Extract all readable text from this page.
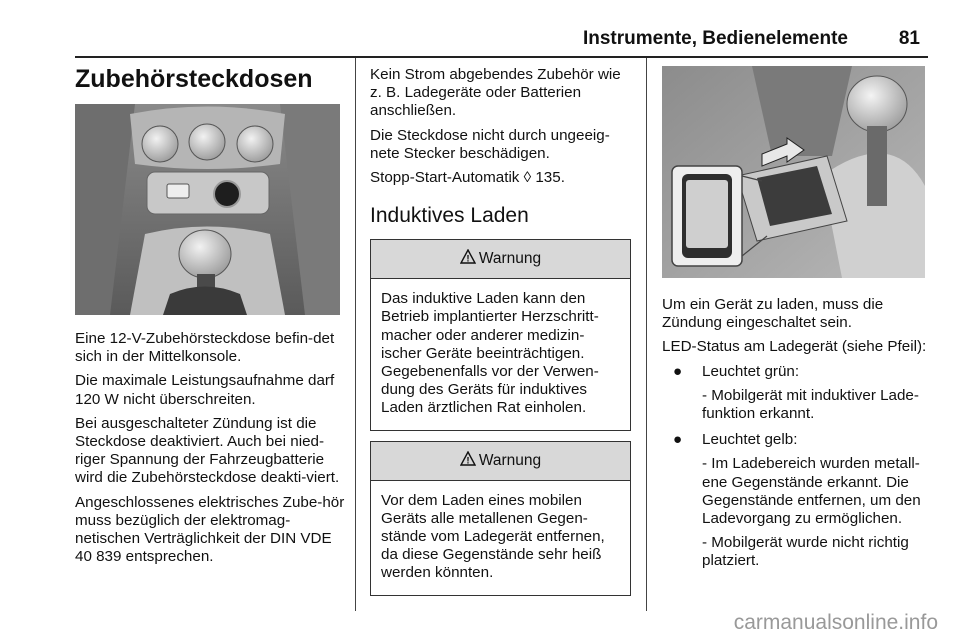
Instrumente, Bedienelemente	81
Zubehörsteckdosen

Eine 12-V-Zubehörsteckdose befin-det sich in der Mittelkonsole.

Die maximale Leistungsaufnahme darf 120 W nicht überschreiten.

Bei ausgeschalteter Zündung ist die Steckdose deaktiviert. Auch bei nied-riger Spannung der Fahrzeugbatterie wird die Zubehörsteckdose deakti-viert.

Angeschlossenes elektrisches Zube-hör muss bezüglich der elektromag-netischen Verträglichkeit der DIN VDE 40 839 entsprechen.

Kein Strom abgebendes Zubehör wie z. B. Ladegeräte oder Batterien anschließen.

Die Steckdose nicht durch ungeeig-nete Stecker beschädigen.

Stopp-Start-Automatik ◊ 135.

Induktives Laden
! Warnung

Das induktive Laden kann den Betrieb implantierter Herzschritt-macher oder anderer medizin-ischer Geräte beeinträchtigen. Gegebenenfalls vor der Verwen-dung des Geräts für induktives Laden ärztlichen Rat einholen.

! Warnung

Vor dem Laden eines mobilen Geräts alle metallenen Gegen-stände vom Ladegerät entfernen, da diese Gegenstände sehr heiß werden könnten.

Um ein Gerät zu laden, muss die Zündung eingeschaltet sein.

LED-Status am Ladegerät (siehe Pfeil):

● Leuchtet grün:
- Mobilgerät mit induktiver Lade-funktion erkannt.
● Leuchtet gelb:
- Im Ladebereich wurden metall-ene Gegenstände erkannt. Die Gegenstände entfernen, um den Ladevorgang zu ermöglichen.
- Mobilgerät wurde nicht richtig platziert.
carmanualsonline.info
